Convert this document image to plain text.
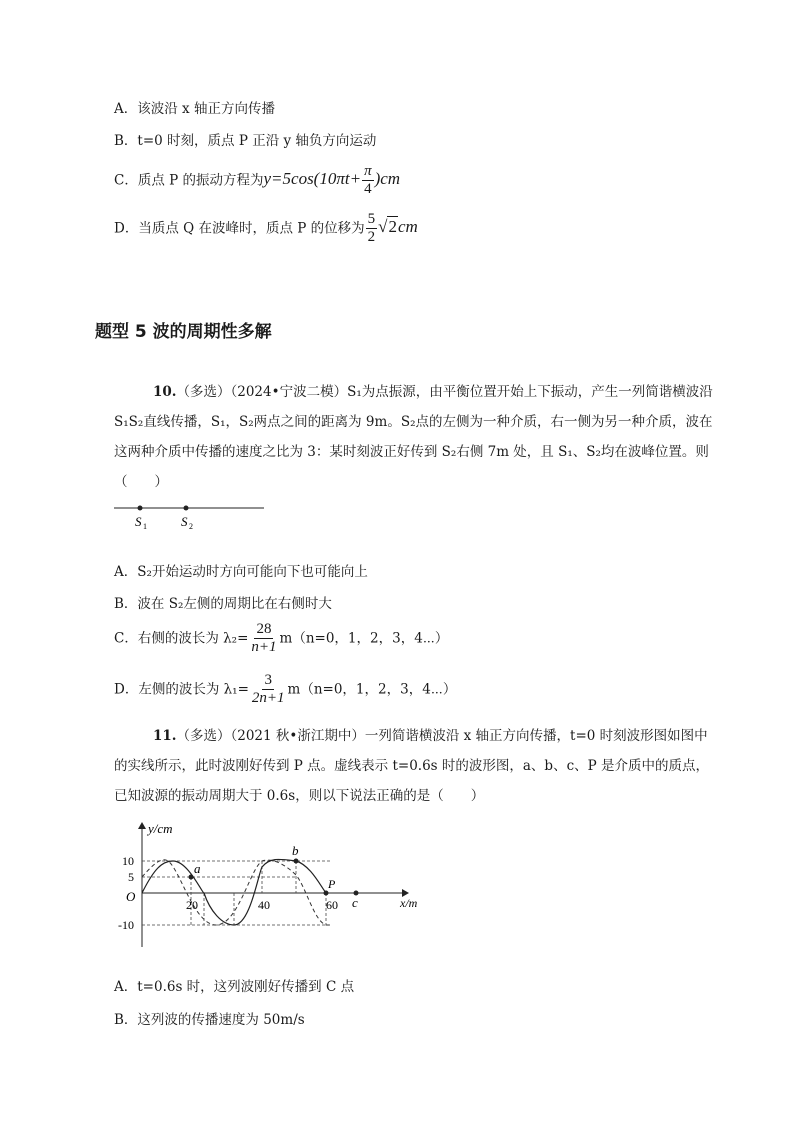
A．该波沿 x 轴正方向传播
B．t=0 时刻，质点 P 正沿 y 轴负方向运动
C．质点 P 的振动方程为$y=5\cos(10\pi t+ \frac{\pi}{4} )cm$
D．当质点 Q 在波峰时，质点 P 的位移为 $\frac{5}{2} √2cm$
题型 5 波的周期性多解
10.（多选）（2024•宁波二模）S₁为点振源，由平衡位置开始上下振动，产生一列简谐横波沿 S₁S₂直线传播，S₁，S₂两点之间的距离为 9m。S₂点的左侧为一种介质，右一侧为另一种介质，波在这两种介质中传播的速度之比为 3：某时刻波正好传到 S₂右侧 7m 处，且 S₁、S₂均在波峰位置。则（　　）
S 1	S 2
A．S₂开始运动时方向可能向下也可能向上
B．波在 S₂左侧的周期比在右侧时大
C．右侧的波长为 $\lambda_2= \frac{28}{n+1} m(n=0$，1，2，3，4⋯）
D．左侧的波长为 $\lambda_1= \frac{3}{2n+1} m(n=0$，1，2，3，4⋯）
11.（多选）（2021 秋•浙江期中）一列简谐横波沿 x 轴正方向传播，t=0 时刻波形图如图中的实线所示，此时波刚好传到 P 点。虚线表示 t=0.6s 时的波形图，a、b、c、P 是介质中的质点，已知波源的振动周期大于 0.6s，则以下说法正确的是（　　）
y/cm
x/m
O
10
5
-10
20	40	60
a
b
P
c
A．t=0.6s 时，这列波刚好传播到 C 点
B．这列波的传播速度为 50m/s
